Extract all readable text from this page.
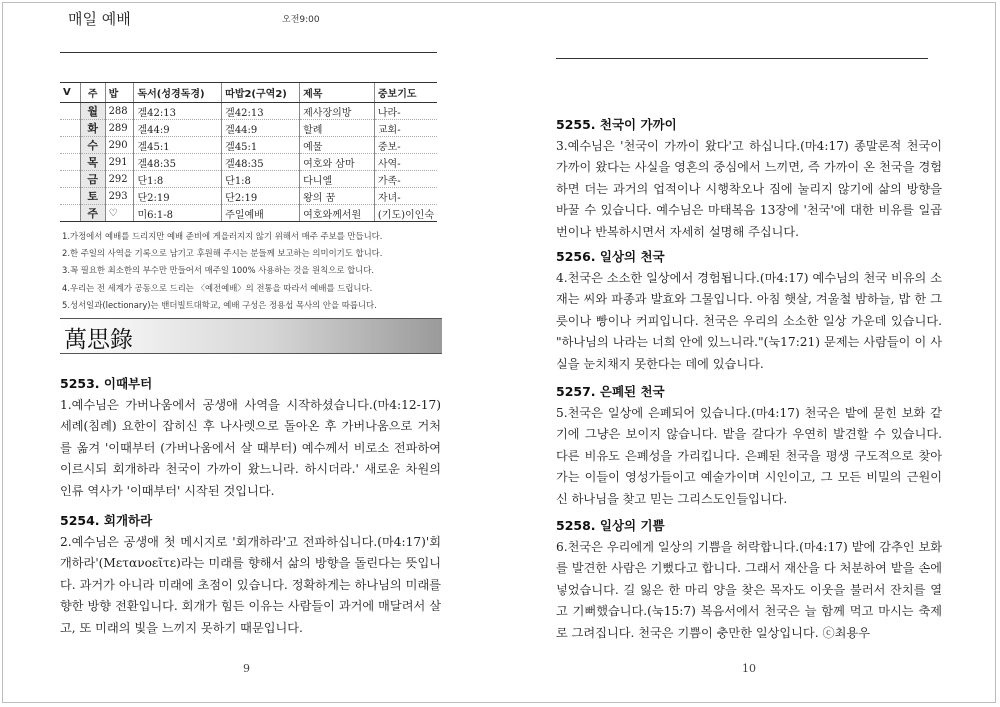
매일 예배	오전9:00
V	주	밥	독서(성경독경)	따밥2(구역2)	제목	중보기도
	월	288	겔42:13	겔42:13	제사장의방	나라-
	화	289	겔44:9	겔44:9	할례	교회-
	수	290	겔45:1	겔45:1	예물	중보-
	목	291	겔48:35	겔48:35	여호와 삼마	사역-
	금	292	단1:8	단1:8	다니엘	가족-
	토	293	단2:19	단2:19	왕의 꿈	자녀-
	주	♡	미6:1-8	주일예배	여호와께서원	(기도)이인숙
1.가정에서 예배를 드리지만 예배 준비에 게을러지지 않기 위해서 매주 주보를 만듭니다.
2.한 주일의 사역을 기록으로 남기고 후원해 주시는 분들께 보고하는 의미이기도 합니다.
3.꼭 필요한 최소한의 부수만 만들어서 매주일 100% 사용하는 것을 원칙으로 합니다.
4.우리는 전 세계가 공동으로 드리는 〈예전예배〉의 전통을 따라서 예배를 드립니다.
5.성서일과(lectionary)는 밴더빌트대학교, 예배 구성은 정용섭 목사의 안을 따릅니다.
萬思錄
5253. 이때부터
1.예수님은 가버나움에서 공생애 사역을 시작하셨습니다.(마4:12-17) 세례(침례) 요한이 잡히신 후 나사렛으로 돌아온 후 가버나움으로 거처를 옮겨 '이때부터 (가버나움에서 살 때부터) 예수께서 비로소 전파하여 이르시되 회개하라 천국이 가까이 왔느니라. 하시더라.' 새로운 차원의 인류 역사가 '이때부터' 시작된 것입니다.
5254. 회개하라
2.예수님은 공생애 첫 메시지로 '회개하라'고 전파하십니다.(마4:17)'회개하라'(Μετανοεῖτε)라는 미래를 향해서 삶의 방향을 돌린다는 뜻입니다. 과거가 아니라 미래에 초점이 있습니다. 정확하게는 하나님의 미래를 향한 방향 전환입니다. 회개가 힘든 이유는 사람들이 과거에 매달려서 살고, 또 미래의 빛을 느끼지 못하기 때문입니다.
9
5255. 천국이 가까이
3.예수님은 '천국이 가까이 왔다'고 하십니다.(마4:17) 종말론적 천국이 가까이 왔다는 사실을 영혼의 중심에서 느끼면, 즉 가까이 온 천국을 경험하면 더는 과거의 업적이나 시행착오나 짐에 눌리지 않기에 삶의 방향을 바꿀 수 있습니다. 예수님은 마태복음 13장에 '천국'에 대한 비유를 일곱 번이나 반복하시면서 자세히 설명해 주십니다.
5256. 일상의 천국
4.천국은 소소한 일상에서 경험됩니다.(마4:17) 예수님의 천국 비유의 소재는 씨와 파종과 발효와 그물입니다. 아침 햇살, 겨울철 밤하늘, 밥 한 그릇이나 빵이나 커피입니다. 천국은 우리의 소소한 일상 가운데 있습니다. "하나님의 나라는 너희 안에 있느니라."(눅17:21) 문제는 사람들이 이 사실을 눈치채지 못한다는 데에 있습니다.
5257. 은폐된 천국
5.천국은 일상에 은폐되어 있습니다.(마4:17) 천국은 밭에 묻힌 보화 같기에 그냥은 보이지 않습니다. 밭을 갈다가 우연히 발견할 수 있습니다. 다른 비유도 은폐성을 가리킵니다. 은폐된 천국을 평생 구도적으로 찾아가는 이들이 영성가들이고 예술가이며 시인이고, 그 모든 비밀의 근원이신 하나님을 찾고 믿는 그리스도인들입니다.
5258. 일상의 기쁨
6.천국은 우리에게 일상의 기쁨을 허락합니다.(마4:17) 밭에 감추인 보화를 발견한 사람은 기뻤다고 합니다. 그래서 재산을 다 처분하여 밭을 손에 넣었습니다. 길 잃은 한 마리 양을 찾은 목자도 이웃을 불러서 잔치를 열고 기뻐했습니다.(눅15:7) 복음서에서 천국은 늘 함께 먹고 마시는 축제로 그려집니다. 천국은 기쁨이 충만한 일상입니다. ⓒ최용우
10
